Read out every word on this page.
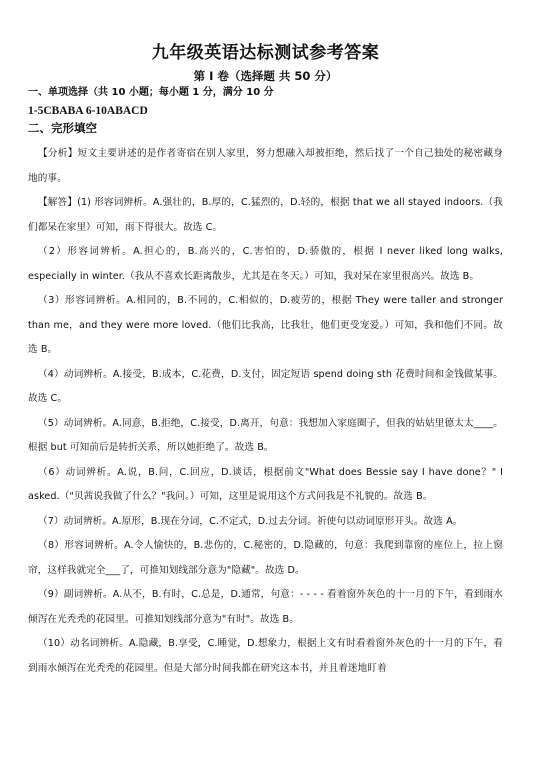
九年级英语达标测试参考答案
第 I 卷（选择题 共 50 分）
一、单项选择（共 10 小题；每小题 1 分，满分 10 分
1-5CBABA 6-10ABACD
二、完形填空

【分析】短文主要讲述的是作者寄宿在别人家里，努力想融入却被拒绝，然后找了一个自己独处的秘密藏身地的事。

【解答】(1) 形容词辨析。A.强壮的，B.厚的，C.猛烈的，D.轻的，根据 that we all stayed indoors.（我们都呆在家里）可知，雨下得很大。故选 C。

（2）形容词辨析。A.担心的，B.高兴的，C.害怕的，D.骄傲的，根据 I never liked long walks, especially in winter.（我从不喜欢长距离散步，尤其是在冬天。）可知，我对呆在家里很高兴。故选 B。

（3）形容词辨析。A.相同的，B.不同的，C.相似的，D.疲劳的，根据 They were taller and stronger than me，and they were more loved.（他们比我高，比我壮，他们更受宠爱。）可知，我和他们不同。故选 B。

（4）动词辨析。A.接受，B.成本，C.花费，D.支付，固定短语 spend doing sth 花费时间和金钱做某事。故选 C。

（5）动词辨析。A.同意，B.拒绝，C.接受，D.离开，句意：我想加入家庭圈子，但我的姑姑里德太太____。根据 but 可知前后是转折关系，所以她拒绝了。故选 B。

（6）动词辨析。A.说，B.问，C.回应，D.谈话，根据前文"What does Bessie say I have done？" I asked.（"贝茜说我做了什么？"我问。）可知，这里是说用这个方式问我是不礼貌的。故选 B。

（7）动词辨析。A.原形，B.现在分词，C.不定式，D.过去分词。祈使句以动词原形开头。故选 A。

（8）形容词辨析。A.令人愉快的，B.悲伤的，C.秘密的，D.隐藏的，句意：我爬到靠窗的座位上，拉上窗帘，这样我就完全___了，可推知划线部分意为"隐藏"。故选 D。

（9）副词辨析。A.从不，B.有时，C.总是，D.通常，句意：- - - - 看着窗外灰色的十一月的下午，看到雨水倾泻在光秃秃的花园里。可推知划线部分意为"有时"。故选 B。

（10）动名词辨析。A.隐藏，B.享受，C.睡觉，D.想象力，根据上文有时看着窗外灰色的十一月的下午，看到雨水倾泻在光秃秃的花园里。但是大部分时间我都在研究这本书，并且着迷地盯着
